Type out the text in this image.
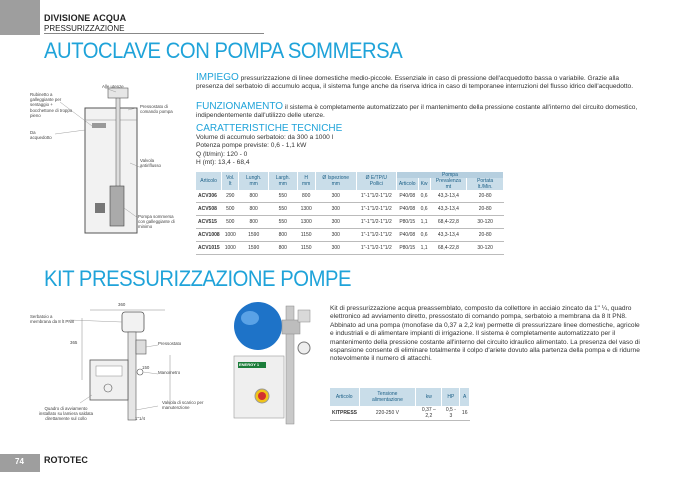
DIVISIONE ACQUA
PRESSURIZZAZIONE
AUTOCLAVE CON POMPA SOMMERSA
Rubinetto a galleggiante per sentaggio + bocchettone di troppo pieno
Alle utenze
Pressostato di comando pompa
Da acquedotto
Valvola antiriflusso
Pompa sommersa con galleggiante di minimo
IMPIEGO pressurizzazione di linee domestiche medio-piccole. Essenziale in caso di pressione dell'acquedotto bassa o variabile. Grazie alla presenza del serbatoio di accumulo acqua, il sistema funge anche da riserva idrica in caso di temporanee interruzioni del flusso idrico dell'acquedotto.
FUNZIONAMENTO il sistema è completamente automatizzato per il mantenimento della pressione costante all'interno del circuito domestico, indipendentemente dall'utilizzo delle utenze.
CARATTERISTICHE TECNICHE
Volume di accumulo serbatoio: da 300 a 1000 l
Potenza pompe previste: 0,6 - 1,1 kW
Q (lt/min): 120 - 0
H (mt): 13,4 - 68,4
Articolo	Vol. lt	Lungh. mm	Largh. mm	H mm	Ø Ispezione mm	Ø E/TP/U Pollici	Pompa			
							Articolo	Kw	Prevalenza mt	Portata lt./Min.
ACV306	290	800	550	800	300	1"-1"1/2-1"1/2	P40/08	0,6	43,3-13,4	20-80
ACV508	500	800	550	1300	300	1"-1"1/2-1"1/2	P40/08	0,6	43,3-13,4	20-80
ACV515	500	800	550	1300	300	1"-1"1/2-1"1/2	P80/15	1,1	68,4-22,8	30-120
ACV1008	1000	1590	800	1150	300	1"-1"1/2-1"1/2	P40/08	0,6	43,3-13,4	20-80
ACV1015	1000	1590	800	1150	300	1"-1"1/2-1"1/2	P80/15	1,1	68,4-22,8	30-120
KIT PRESSURIZZAZIONE POMPE
Serbatoio a membrana da 8 lt PN8
360
365
150
Pressostato
Manometro
Quadro di avviamento installato su lamiera saldata direttamente sul collo
Valvola di scarico per manutenzione
1"1/4
ENERGY 1
Kit di pressurizzazione acqua preassemblato, composto da collettore in acciaio zincato da 1" ¼, quadro elettronico ad avviamento diretto, pressostato di comando pompa, serbatoio a membrana da 8 lt PN8. Abbinato ad una pompa (monofase da 0,37 a 2,2 kw) permette di pressurizzare linee domestiche, agricole e industriali e di alimentare impianti di irrigazione. Il sistema è completamente automatizzato per il mantenimento della pressione costante all'interno del circuito idraulico alimentato. La presenza del vaso di espansione consente di eliminare totalmente il colpo d'ariete dovuto alla partenza della pompa e di ridurne notevolmente il numero di attacchi.
Articolo	Tensione alimentazione	kw	HP	A
KITPRESS	220-250 V	0,37 – 2,2	0,5 - 3	16
74 ROTOTEC
